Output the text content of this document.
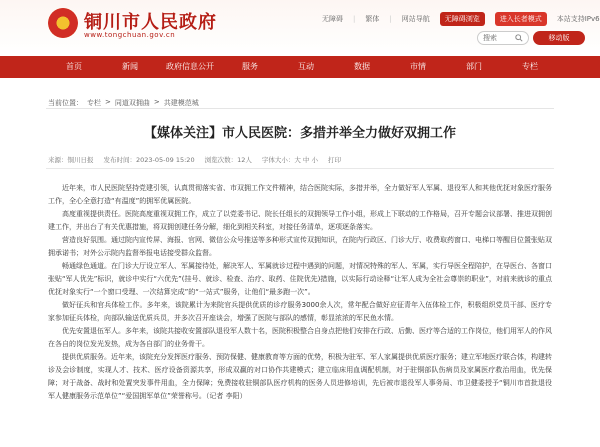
铜川市人民政府
www.tongchuan.gov.cn
无障碍 | 繁体 | 网站导航	无障碍浏览	进入长者模式	本站支持IPv6
搜索	移动版
首页	新闻	政府信息公开	服务	互动	数据	市情	部门	专栏
当前位置： 专栏 > 同道双拥曲 > 共建模范城
【媒体关注】市人民医院：多措并举全力做好双拥工作
来源：铜川日报 发布时间：2023-05-09 15:20 浏览次数：12人 字体大小：大 中 小 打印

近年来，市人民医院坚持党建引领，认真贯彻落实省、市双拥工作文件精神，结合医院实际，多措并举，全力做好军人军属、退役军人和其他优抚对象医疗服务工作，全心全意打造“有温度”的拥军优属医院。

高度重视提供责任。医院高度重视双拥工作，成立了以党委书记、院长任组长的双拥领导工作小组，形成上下联动的工作格局，召开专题会议部署、推进双拥创建工作，并出台了有关优惠措施，将双拥创建任务分解，细化到相关科室，对接任务清单，逐项逐条落实。

营造良好氛围。通过院内宣传屏、海报、官网、微信公众号推送等多种形式宣传双拥知识，在院内行政区、门诊大厅、收费取药窗口、电梯口等醒目位置张贴双拥承诺书；对外公示院内监督举报电话接受群众监督。

畅通绿色通道。在门诊大厅设立军人、军属接待处，解决军人、军属就诊过程中遇到的问题，对情况特殊的军人、军属，实行导医全程陪护，在导医台、各窗口张贴“军人优先”标识，就诊中实行“六优先”(挂号、就诊、检查、治疗、取药、住院优先)措施，以实际行动诠释“让军人成为全社会尊崇的职业”，对前来就诊的重点优抚对象实行“一个窗口受理、一次结算完成”的“一站式”服务，让他们“最多跑一次”。

做好征兵和官兵体检工作。多年来，该院累计为来院官兵提供优质的诊疗服务3000余人次，常年配合做好应征青年入伍体检工作，积极组织党员干部、医疗专家参加征兵体检，向部队输送优质兵员，并多次召开座谈会，增强了医院与部队的感情，彰显浓浓的军民鱼水情。

优先安置退伍军人。多年来，该院共接收安置部队退役军人数十名，医院积极整合自身点把他们安排在行政、后勤、医疗等合适的工作岗位，他们用军人的作风在各自的岗位发光发热，成为各自部门的业务骨干。

提供优质服务。近年来，该院充分发挥医疗服务、预防保健、健康教育等方面的优势，积极为驻军、军人家属提供优质医疗服务；建立军地医疗联合体，构建转诊及会诊制度，实现人才、技术、医疗设备资源共享，形成双赢的对口协作共建模式；建立临床用血调配机制，对于驻铜部队伤病员及家属医疗救治用血，优先保障；对于战备、战时和处置突发事件用血，全力保障；免费接收驻铜部队医疗机构的医务人员进修培训，先后被市退役军人事务局、市卫健委授予“铜川市首批退役军人健康服务示范单位”“爱国拥军单位”荣誉称号。（记者 李阳）
